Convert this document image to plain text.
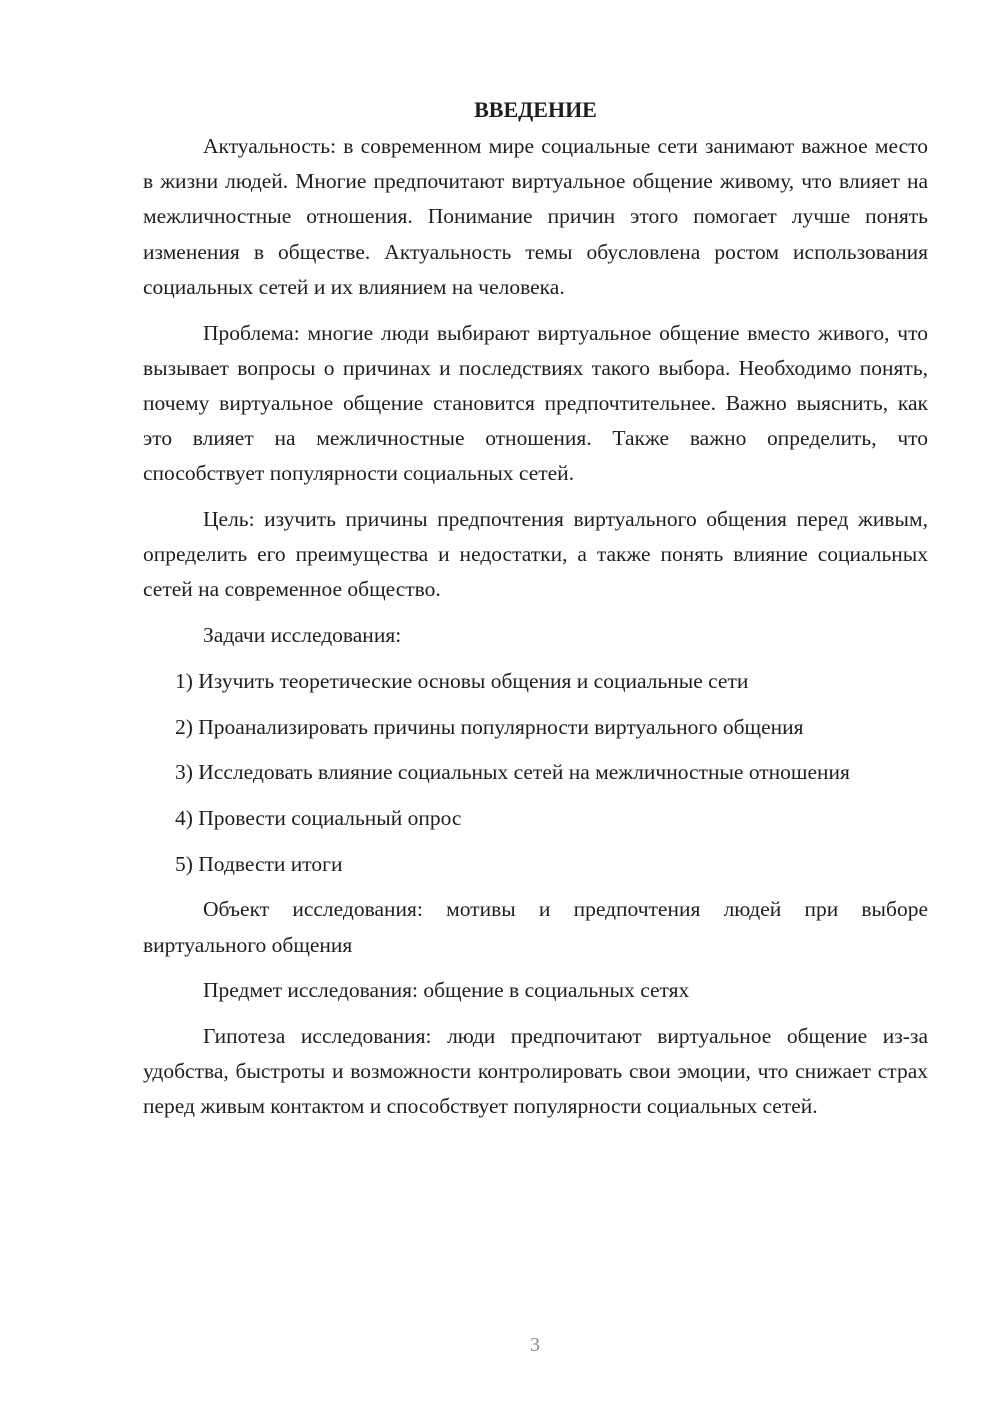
ВВЕДЕНИЕ

Актуальность: в современном мире социальные сети занимают важное место в жизни людей. Многие предпочитают виртуальное общение живому, что влияет на межличностные отношения. Понимание причин этого помогает лучше понять изменения в обществе. Актуальность темы обусловлена ростом использования социальных сетей и их влиянием на человека.

Проблема: многие люди выбирают виртуальное общение вместо живого, что вызывает вопросы о причинах и последствиях такого выбора. Необходимо понять, почему виртуальное общение становится предпочтительнее. Важно выяснить, как это влияет на межличностные отношения. Также важно определить, что способствует популярности социальных сетей.

Цель: изучить причины предпочтения виртуального общения перед живым, определить его преимущества и недостатки, а также понять влияние социальных сетей на современное общество.

Задачи исследования:

1) Изучить теоретические основы общения и социальные сети

2) Проанализировать причины популярности виртуального общения

3) Исследовать влияние социальных сетей на межличностные отношения

4) Провести социальный опрос

5) Подвести итоги

Объект исследования: мотивы и предпочтения людей при выборе виртуального общения

Предмет исследования: общение в социальных сетях

Гипотеза исследования: люди предпочитают виртуальное общение из-за удобства, быстроты и возможности контролировать свои эмоции, что снижает страх перед живым контактом и способствует популярности социальных сетей.

3
